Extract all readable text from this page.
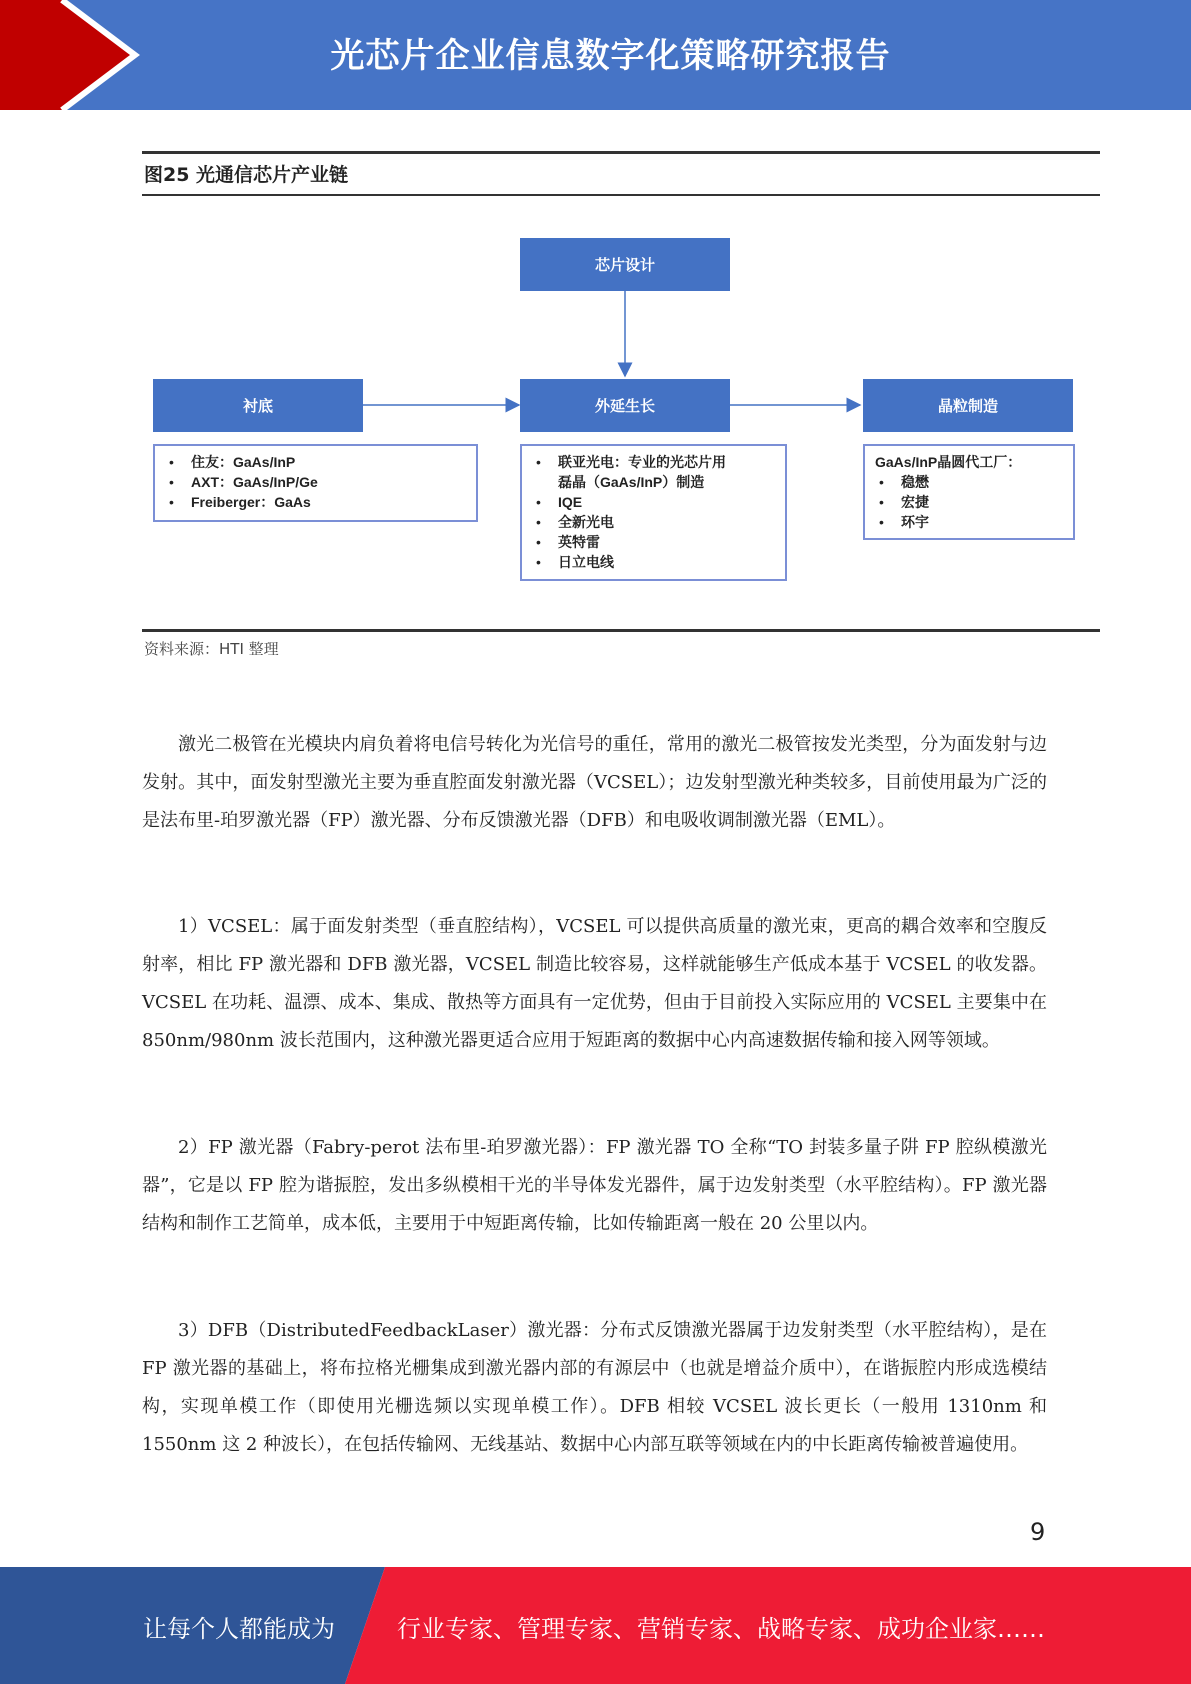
光芯片企业信息数字化策略研究报告
图25 光通信芯片产业链
芯片设计
衬底	外延生长	晶粒制造
• 住友：GaAs/InP
• AXT：GaAs/InP/Ge
• Freiberger：GaAs
• 联亚光电：专业的光芯片用
磊晶（GaAs/InP）制造
• IQE
• 全新光电
• 英特雷
• 日立电线
GaAs/InP晶圆代工厂：
• 稳懋
• 宏捷
• 环宇
资料来源：HTI 整理

激光二极管在光模块内肩负着将电信号转化为光信号的重任，常用的激光二极管按发光类型，分为面发射与边发射。其中，面发射型激光主要为垂直腔面发射激光器（VCSEL）；边发射型激光种类较多，目前使用最为广泛的是法布里-珀罗激光器（FP）激光器、分布反馈激光器（DFB）和电吸收调制激光器（EML）。

1）VCSEL：属于面发射类型（垂直腔结构），VCSEL 可以提供高质量的激光束，更高的耦合效率和空腹反射率，相比 FP 激光器和 DFB 激光器，VCSEL 制造比较容易，这样就能够生产低成本基于 VCSEL 的收发器。VCSEL 在功耗、温漂、成本、集成、散热等方面具有一定优势，但由于目前投入实际应用的 VCSEL 主要集中在 850nm/980nm 波长范围内，这种激光器更适合应用于短距离的数据中心内高速数据传输和接入网等领域。

2）FP 激光器（Fabry-perot 法布里-珀罗激光器）：FP 激光器 TO 全称“TO 封装多量子阱 FP 腔纵模激光器”，它是以 FP 腔为谐振腔，发出多纵模相干光的半导体发光器件，属于边发射类型（水平腔结构）。FP 激光器结构和制作工艺简单，成本低，主要用于中短距离传输，比如传输距离一般在 20 公里以内。

3）DFB（DistributedFeedbackLaser）激光器：分布式反馈激光器属于边发射类型（水平腔结构），是在 FP 激光器的基础上，将布拉格光栅集成到激光器内部的有源层中（也就是增益介质中），在谐振腔内形成选模结构，实现单模工作（即使用光栅选频以实现单模工作）。DFB 相较 VCSEL 波长更长（一般用 1310nm 和 1550nm 这 2 种波长），在包括传输网、无线基站、数据中心内部互联等领域在内的中长距离传输被普遍使用。

9
让每个人都能成为	行业专家、管理专家、营销专家、战略专家、成功企业家……
